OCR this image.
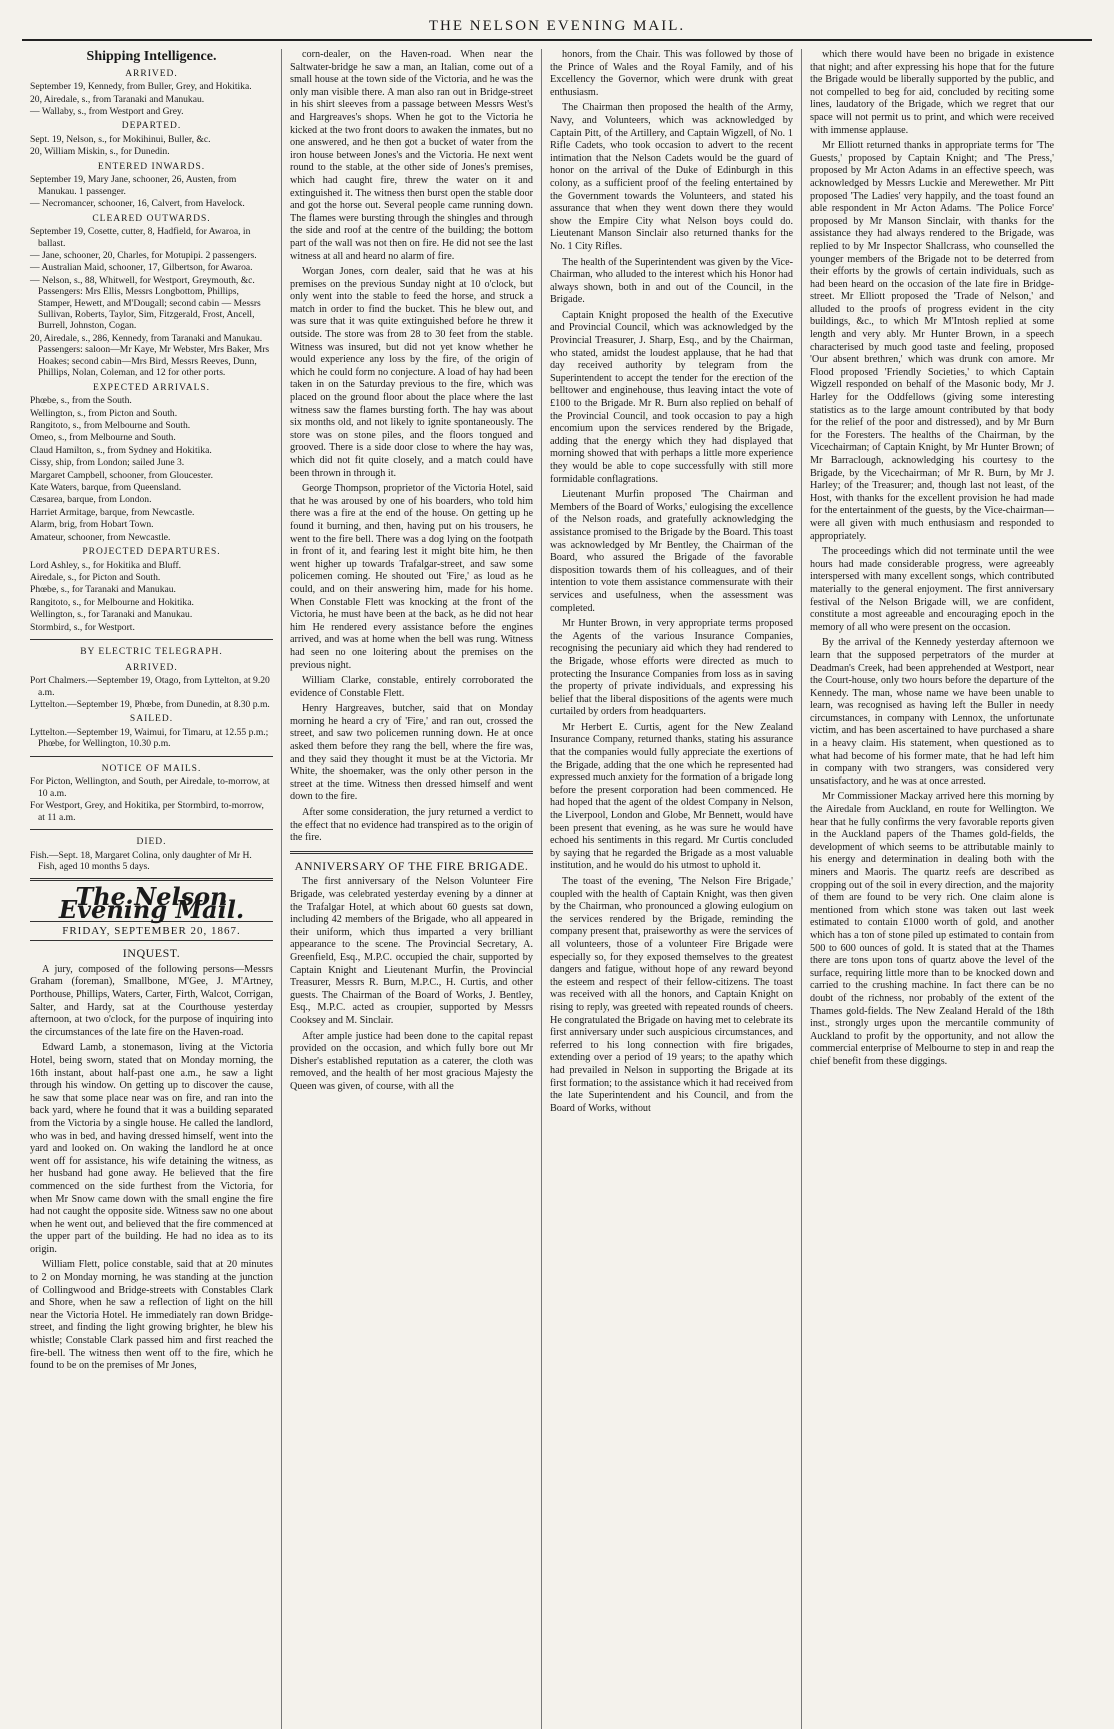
THE NELSON EVENING MAIL.
Shipping Intelligence.
ARRIVED.
September 19, Kennedy, from Buller, Grey, and Hokitika.
20, Airedale, s., from Taranaki and Manukau.
— Wallaby, s., from Westport and Grey.
DEPARTED.
Sept. 19, Nelson, s., for Mokihinui, Buller, &c.
20, William Miskin, s., for Dunedin.
ENTERED INWARDS.
September 19, Mary Jane, schooner, 26, Austen, from Manukau. 1 passenger.
— Necromancer, schooner, 16, Calvert, from Havelock.
CLEARED OUTWARDS.
September 19, Cosette, cutter, 8, Hadfield, for Awaroa, in ballast.
— Jane, schooner, 20, Charles, for Motupipi. 2 passengers.
— Australian Maid, schooner, 17, Gilbertson, for Awaroa.
— Nelson, s., 88, Whitwell, for Westport, Greymouth, &c. Passengers: Mrs Ellis, Messrs Longbottom, Phillips, Stamper, Hewett, and M'Dougall; second cabin — Messrs Sullivan, Roberts, Taylor, Sim, Fitzgerald, Frost, Ancell, Burrell, Johnston, Cogan.
20, Airedale, s., 286, Kennedy, from Taranaki and Manukau. Passengers: saloon—Mr Kaye, Mr Webster, Mrs Baker, Mrs Hoakes; second cabin—Mrs Bird, Messrs Reeves, Dunn, Phillips, Nolan, Coleman, and 12 for other ports.
EXPECTED ARRIVALS.
Phœbe, s., from the South.
Wellington, s., from Picton and South.
Rangitoto, s., from Melbourne and South.
Omeo, s., from Melbourne and South.
Claud Hamilton, s., from Sydney and Hokitika.
Cissy, ship, from London; sailed June 3.
Margaret Campbell, schooner, from Gloucester.
Kate Waters, barque, from Queensland.
Cæsarea, barque, from London.
Harriet Armitage, barque, from Newcastle.
Alarm, brig, from Hobart Town.
Amateur, schooner, from Newcastle.
PROJECTED DEPARTURES.
Lord Ashley, s., for Hokitika and Bluff.
Airedale, s., for Picton and South.
Phœbe, s., for Taranaki and Manukau.
Rangitoto, s., for Melbourne and Hokitika.
Wellington, s., for Taranaki and Manukau.
Stormbird, s., for Westport.
BY ELECTRIC TELEGRAPH.
ARRIVED.
Port Chalmers.—September 19, Otago, from Lyttelton, at 9.20 a.m.
Lyttelton.—September 19, Phœbe, from Dunedin, at 8.30 p.m.
SAILED.
Lyttelton.—September 19, Waimui, for Timaru, at 12.55 p.m.; Phœbe, for Wellington, 10.30 p.m.
NOTICE OF MAILS.
For Picton, Wellington, and South, per Airedale, to-morrow, at 10 a.m.
For Westport, Grey, and Hokitika, per Stormbird, to-morrow, at 11 a.m.
DIED.
Fish.—Sept. 18, Margaret Colina, only daughter of Mr H. Fish, aged 10 months 5 days.
The Nelson Evening Mail.
FRIDAY, SEPTEMBER 20, 1867.
INQUEST.

A jury, composed of the following persons—Messrs Graham (foreman), Smallbone, M'Gee, J. M'Artney, Porthouse, Phillips, Waters, Carter, Firth, Walcot, Corrigan, Salter, and Hardy, sat at the Courthouse yesterday afternoon, at two o'clock, for the purpose of inquiring into the circumstances of the late fire on the Haven-road.

Edward Lamb, a stonemason, living at the Victoria Hotel, being sworn, stated that on Monday morning, the 16th instant, about half-past one a.m., he saw a light through his window. On getting up to discover the cause, he saw that some place near was on fire, and ran into the back yard, where he found that it was a building separated from the Victoria by a single house. He called the landlord, who was in bed, and having dressed himself, went into the yard and looked on. On waking the landlord he at once went off for assistance, his wife detaining the witness, as her husband had gone away. He believed that the fire commenced on the side furthest from the Victoria, for when Mr Snow came down with the small engine the fire had not caught the opposite side. Witness saw no one about when he went out, and believed that the fire commenced at the upper part of the building. He had no idea as to its origin.

William Flett, police constable, said that at 20 minutes to 2 on Monday morning, he was standing at the junction of Collingwood and Bridge-streets with Constables Clark and Shore, when he saw a reflection of light on the hill near the Victoria Hotel. He immediately ran down Bridge-street, and finding the light growing brighter, he blew his whistle; Constable Clark passed him and first reached the fire-bell. The witness then went off to the fire, which he found to be on the premises of Mr Jones,

corn-dealer, on the Haven-road. When near the Saltwater-bridge he saw a man, an Italian, come out of a small house at the town side of the Victoria, and he was the only man visible there. A man also ran out in Bridge-street in his shirt sleeves from a passage between Messrs West's and Hargreaves's shops. When he got to the Victoria he kicked at the two front doors to awaken the inmates, but no one answered, and he then got a bucket of water from the iron house between Jones's and the Victoria. He next went round to the stable, at the other side of Jones's premises, which had caught fire, threw the water on it and extinguished it. The witness then burst open the stable door and got the horse out. Several people came running down. The flames were bursting through the shingles and through the side and roof at the centre of the building; the bottom part of the wall was not then on fire. He did not see the last witness at all and heard no alarm of fire.

Worgan Jones, corn dealer, said that he was at his premises on the previous Sunday night at 10 o'clock, but only went into the stable to feed the horse, and struck a match in order to find the bucket. This he blew out, and was sure that it was quite extinguished before he threw it outside. The store was from 28 to 30 feet from the stable. Witness was insured, but did not yet know whether he would experience any loss by the fire, of the origin of which he could form no conjecture. A load of hay had been taken in on the Saturday previous to the fire, which was placed on the ground floor about the place where the last witness saw the flames bursting forth. The hay was about six months old, and not likely to ignite spontaneously. The store was on stone piles, and the floors tongued and grooved. There is a side door close to where the hay was, which did not fit quite closely, and a match could have been thrown in through it.

George Thompson, proprietor of the Victoria Hotel, said that he was aroused by one of his boarders, who told him there was a fire at the end of the house. On getting up he found it burning, and then, having put on his trousers, he went to the fire bell. There was a dog lying on the footpath in front of it, and fearing lest it might bite him, he then went higher up towards Trafalgar-street, and saw some policemen coming. He shouted out 'Fire,' as loud as he could, and on their answering him, made for his home. When Constable Flett was knocking at the front of the Victoria, he must have been at the back, as he did not hear him He rendered every assistance before the engines arrived, and was at home when the bell was rung. Witness had seen no one loitering about the premises on the previous night.

William Clarke, constable, entirely corroborated the evidence of Constable Flett.

Henry Hargreaves, butcher, said that on Monday morning he heard a cry of 'Fire,' and ran out, crossed the street, and saw two policemen running down. He at once asked them before they rang the bell, where the fire was, and they said they thought it must be at the Victoria. Mr White, the shoemaker, was the only other person in the street at the time. Witness then dressed himself and went down to the fire.

After some consideration, the jury returned a verdict to the effect that no evidence had transpired as to the origin of the fire.

ANNIVERSARY OF THE FIRE BRIGADE.

The first anniversary of the Nelson Volunteer Fire Brigade, was celebrated yesterday evening by a dinner at the Trafalgar Hotel, at which about 60 guests sat down, including 42 members of the Brigade, who all appeared in their uniform, which thus imparted a very brilliant appearance to the scene. The Provincial Secretary, A. Greenfield, Esq., M.P.C. occupied the chair, supported by Captain Knight and Lieutenant Murfin, the Provincial Treasurer, Messrs R. Burn, M.P.C., H. Curtis, and other guests. The Chairman of the Board of Works, J. Bentley, Esq., M.P.C. acted as croupier, supported by Messrs Cooksey and M. Sinclair.

After ample justice had been done to the capital repast provided on the occasion, and which fully bore out Mr Disher's established reputation as a caterer, the cloth was removed, and the health of her most gracious Majesty the Queen was given, of course, with all the

honors, from the Chair. This was followed by those of the Prince of Wales and the Royal Family, and of his Excellency the Governor, which were drunk with great enthusiasm.

The Chairman then proposed the health of the Army, Navy, and Volunteers, which was acknowledged by Captain Pitt, of the Artillery, and Captain Wigzell, of No. 1 Rifle Cadets, who took occasion to advert to the recent intimation that the Nelson Cadets would be the guard of honor on the arrival of the Duke of Edinburgh in this colony, as a sufficient proof of the feeling entertained by the Government towards the Volunteers, and stated his assurance that when they went down there they would show the Empire City what Nelson boys could do. Lieutenant Manson Sinclair also returned thanks for the No. 1 City Rifles.

The health of the Superintendent was given by the Vice-Chairman, who alluded to the interest which his Honor had always shown, both in and out of the Council, in the Brigade.

Captain Knight proposed the health of the Executive and Provincial Council, which was acknowledged by the Provincial Treasurer, J. Sharp, Esq., and by the Chairman, who stated, amidst the loudest applause, that he had that day received authority by telegram from the Superintendent to accept the tender for the erection of the belltower and enginehouse, thus leaving intact the vote of £100 to the Brigade. Mr R. Burn also replied on behalf of the Provincial Council, and took occasion to pay a high encomium upon the services rendered by the Brigade, adding that the energy which they had displayed that morning showed that with perhaps a little more experience they would be able to cope successfully with still more formidable conflagrations.

Lieutenant Murfin proposed 'The Chairman and Members of the Board of Works,' eulogising the excellence of the Nelson roads, and gratefully acknowledging the assistance promised to the Brigade by the Board. This toast was acknowledged by Mr Bentley, the Chairman of the Board, who assured the Brigade of the favorable disposition towards them of his colleagues, and of their intention to vote them assistance commensurate with their services and usefulness, when the assessment was completed.

Mr Hunter Brown, in very appropriate terms proposed the Agents of the various Insurance Companies, recognising the pecuniary aid which they had rendered to the Brigade, whose efforts were directed as much to protecting the Insurance Companies from loss as in saving the property of private individuals, and expressing his belief that the liberal dispositions of the agents were much curtailed by orders from headquarters.

Mr Herbert E. Curtis, agent for the New Zealand Insurance Company, returned thanks, stating his assurance that the companies would fully appreciate the exertions of the Brigade, adding that the one which he represented had expressed much anxiety for the formation of a brigade long before the present corporation had been commenced. He had hoped that the agent of the oldest Company in Nelson, the Liverpool, London and Globe, Mr Bennett, would have been present that evening, as he was sure he would have echoed his sentiments in this regard. Mr Curtis concluded by saying that he regarded the Brigade as a most valuable institution, and he would do his utmost to uphold it.

The toast of the evening, 'The Nelson Fire Brigade,' coupled with the health of Captain Knight, was then given by the Chairman, who pronounced a glowing eulogium on the services rendered by the Brigade, reminding the company present that, praiseworthy as were the services of all volunteers, those of a volunteer Fire Brigade were especially so, for they exposed themselves to the greatest dangers and fatigue, without hope of any reward beyond the esteem and respect of their fellow-citizens. The toast was received with all the honors, and Captain Knight on rising to reply, was greeted with repeated rounds of cheers. He congratulated the Brigade on having met to celebrate its first anniversary under such auspicious circumstances, and referred to his long connection with fire brigades, extending over a period of 19 years; to the apathy which had prevailed in Nelson in supporting the Brigade at its first formation; to the assistance which it had received from the late Superintendent and his Council, and from the Board of Works, without

which there would have been no brigade in existence that night; and after expressing his hope that for the future the Brigade would be liberally supported by the public, and not compelled to beg for aid, concluded by reciting some lines, laudatory of the Brigade, which we regret that our space will not permit us to print, and which were received with immense applause.

Mr Elliott returned thanks in appropriate terms for 'The Guests,' proposed by Captain Knight; and 'The Press,' proposed by Mr Acton Adams in an effective speech, was acknowledged by Messrs Luckie and Merewether. Mr Pitt proposed 'The Ladies' very happily, and the toast found an able respondent in Mr Acton Adams. 'The Police Force' proposed by Mr Manson Sinclair, with thanks for the assistance they had always rendered to the Brigade, was replied to by Mr Inspector Shallcrass, who counselled the younger members of the Brigade not to be deterred from their efforts by the growls of certain individuals, such as had been heard on the occasion of the late fire in Bridge-street. Mr Elliott proposed the 'Trade of Nelson,' and alluded to the proofs of progress evident in the city buildings, &c., to which Mr M'Intosh replied at some length and very ably. Mr Hunter Brown, in a speech characterised by much good taste and feeling, proposed 'Our absent brethren,' which was drunk con amore. Mr Flood proposed 'Friendly Societies,' to which Captain Wigzell responded on behalf of the Masonic body, Mr J. Harley for the Oddfellows (giving some interesting statistics as to the large amount contributed by that body for the relief of the poor and distressed), and by Mr Burn for the Foresters. The healths of the Chairman, by the Vicechairman; of Captain Knight, by Mr Hunter Brown; of Mr Barraclough, acknowledging his courtesy to the Brigade, by the Vicechairman; of Mr R. Burn, by Mr J. Harley; of the Treasurer; and, though last not least, of the Host, with thanks for the excellent provision he had made for the entertainment of the guests, by the Vice-chairman—were all given with much enthusiasm and responded to appropriately.

The proceedings which did not terminate until the wee hours had made considerable progress, were agreeably interspersed with many excellent songs, which contributed materially to the general enjoyment. The first anniversary festival of the Nelson Brigade will, we are confident, constitute a most agreeable and encouraging epoch in the memory of all who were present on the occasion.

By the arrival of the Kennedy yesterday afternoon we learn that the supposed perpetrators of the murder at Deadman's Creek, had been apprehended at Westport, near the Court-house, only two hours before the departure of the Kennedy. The man, whose name we have been unable to learn, was recognised as having left the Buller in needy circumstances, in company with Lennox, the unfortunate victim, and has been ascertained to have purchased a share in a heavy claim. His statement, when questioned as to what had become of his former mate, that he had left him in company with two strangers, was considered very unsatisfactory, and he was at once arrested.

Mr Commissioner Mackay arrived here this morning by the Airedale from Auckland, en route for Wellington. We hear that he fully confirms the very favorable reports given in the Auckland papers of the Thames gold-fields, the development of which seems to be attributable mainly to his energy and determination in dealing both with the miners and Maoris. The quartz reefs are described as cropping out of the soil in every direction, and the majority of them are found to be very rich. One claim alone is mentioned from which stone was taken out last week estimated to contain £1000 worth of gold, and another which has a ton of stone piled up estimated to contain from 500 to 600 ounces of gold. It is stated that at the Thames there are tons upon tons of quartz above the level of the surface, requiring little more than to be knocked down and carried to the crushing machine. In fact there can be no doubt of the richness, nor probably of the extent of the Thames gold-fields. The New Zealand Herald of the 18th inst., strongly urges upon the mercantile community of Auckland to profit by the opportunity, and not allow the commercial enterprise of Melbourne to step in and reap the chief benefit from these diggings.
